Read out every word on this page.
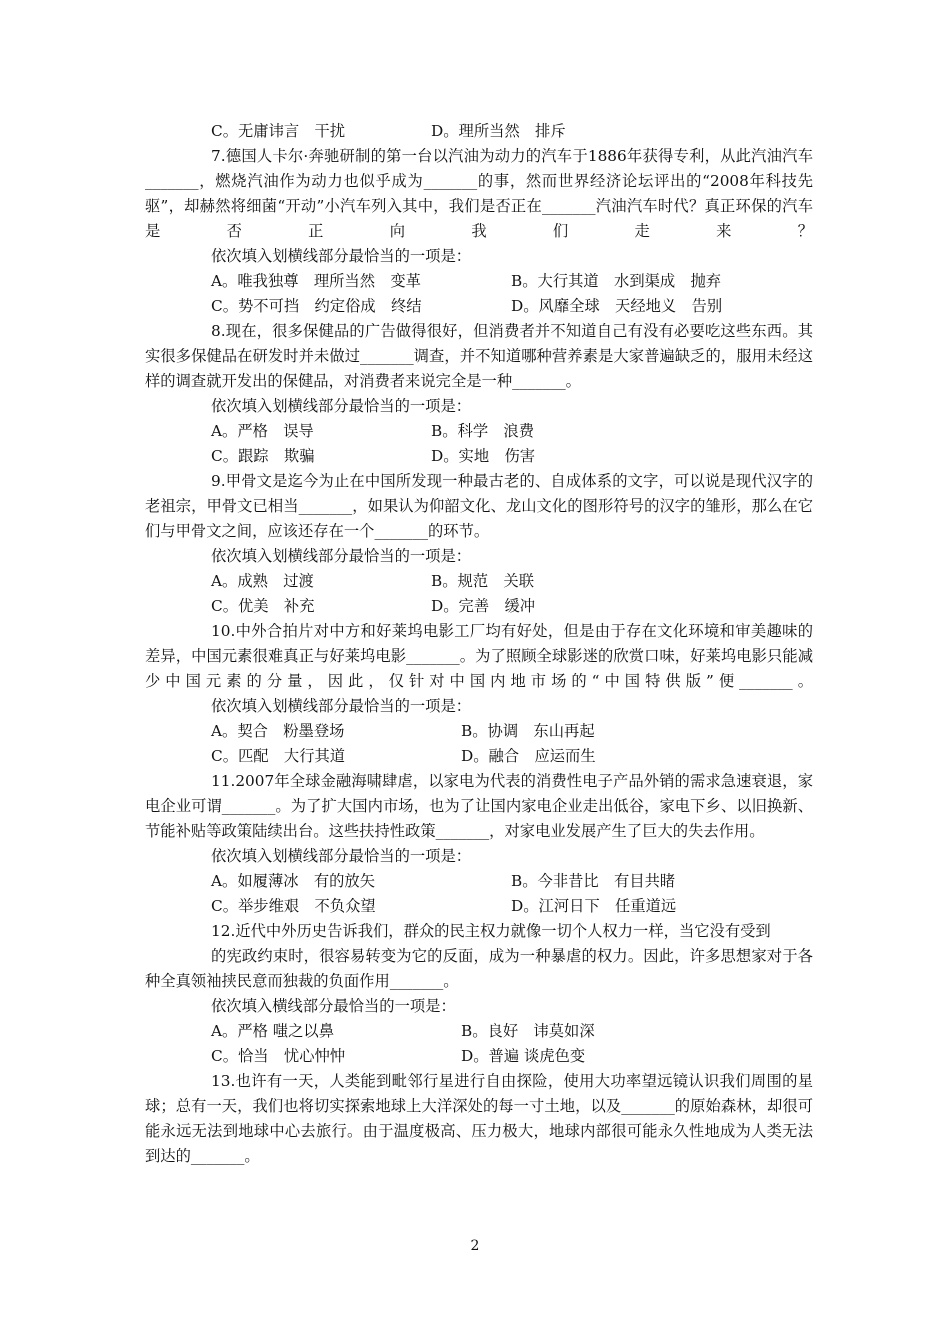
C。无庸讳言　干扰	D。理所当然　排斥
7.德国人卡尔·奔驰研制的第一台以汽油为动力的汽车于1886年获得专利，从此汽油汽车_______，燃烧汽油作为动力也似乎成为_______的事，然而世界经济论坛评出的“2008年科技先驱”，却赫然将细菌“开动”小汽车列入其中，我们是否正在_______汽油汽车时代？真正环保的汽车是否正向我们走来？
依次填入划横线部分最恰当的一项是：
A。唯我独尊　理所当然　变革	B。大行其道　水到渠成　抛弃
C。势不可挡　约定俗成　终结	D。风靡全球　天经地义　告别
8.现在，很多保健品的广告做得很好，但消费者并不知道自己有没有必要吃这些东西。其实很多保健品在研发时并未做过_______调查，并不知道哪种营养素是大家普遍缺乏的，服用未经这样的调查就开发出的保健品，对消费者来说完全是一种_______。
依次填入划横线部分最恰当的一项是：
A。严格　误导	B。科学　浪费
C。跟踪　欺骗	D。实地　伤害
9.甲骨文是迄今为止在中国所发现一种最古老的、自成体系的文字，可以说是现代汉字的老祖宗，甲骨文已相当_______，如果认为仰韶文化、龙山文化的图形符号的汉字的雏形，那么在它们与甲骨文之间，应该还存在一个_______的环节。
依次填入划横线部分最恰当的一项是：
A。成熟　过渡	B。规范　关联
C。优美　补充	D。完善　缓冲
10.中外合拍片对中方和好莱坞电影工厂均有好处，但是由于存在文化环境和审美趣味的差异，中国元素很难真正与好莱坞电影_______。为了照顾全球影迷的欣赏口味，好莱坞电影只能减少中国元素的分量，因此，仅针对中国内地市场的“中国特供版”便_______。
依次填入划横线部分最恰当的一项是：
A。契合　粉墨登场	B。协调　东山再起
C。匹配　大行其道	D。融合　应运而生
11.2007年全球金融海啸肆虐，以家电为代表的消费性电子产品外销的需求急速衰退，家电企业可谓_______。为了扩大国内市场，也为了让国内家电企业走出低谷，家电下乡、以旧换新、节能补贴等政策陆续出台。这些扶持性政策_______，对家电业发展产生了巨大的失去作用。
依次填入划横线部分最恰当的一项是：
A。如履薄冰　有的放矢	B。今非昔比　有目共睹
C。举步维艰　不负众望	D。江河日下　任重道远
12.近代中外历史告诉我们，群众的民主权力就像一切个人权力一样，当它没有受到
的宪政约束时，很容易转变为它的反面，成为一种暴虐的权力。因此，许多思想家对于各种全真领袖挟民意而独裁的负面作用_______。
依次填入横线部分最恰当的一项是：
A。严格 嗤之以鼻	B。良好　讳莫如深
C。恰当　忧心忡忡	D。普遍 谈虎色变
13.也许有一天，人类能到毗邻行星进行自由探险，使用大功率望远镜认识我们周围的星球；总有一天，我们也将切实探索地球上大洋深处的每一寸土地，以及_______的原始森林，却很可能永远无法到地球中心去旅行。由于温度极高、压力极大，地球内部很可能永久性地成为人类无法到达的_______。
2
